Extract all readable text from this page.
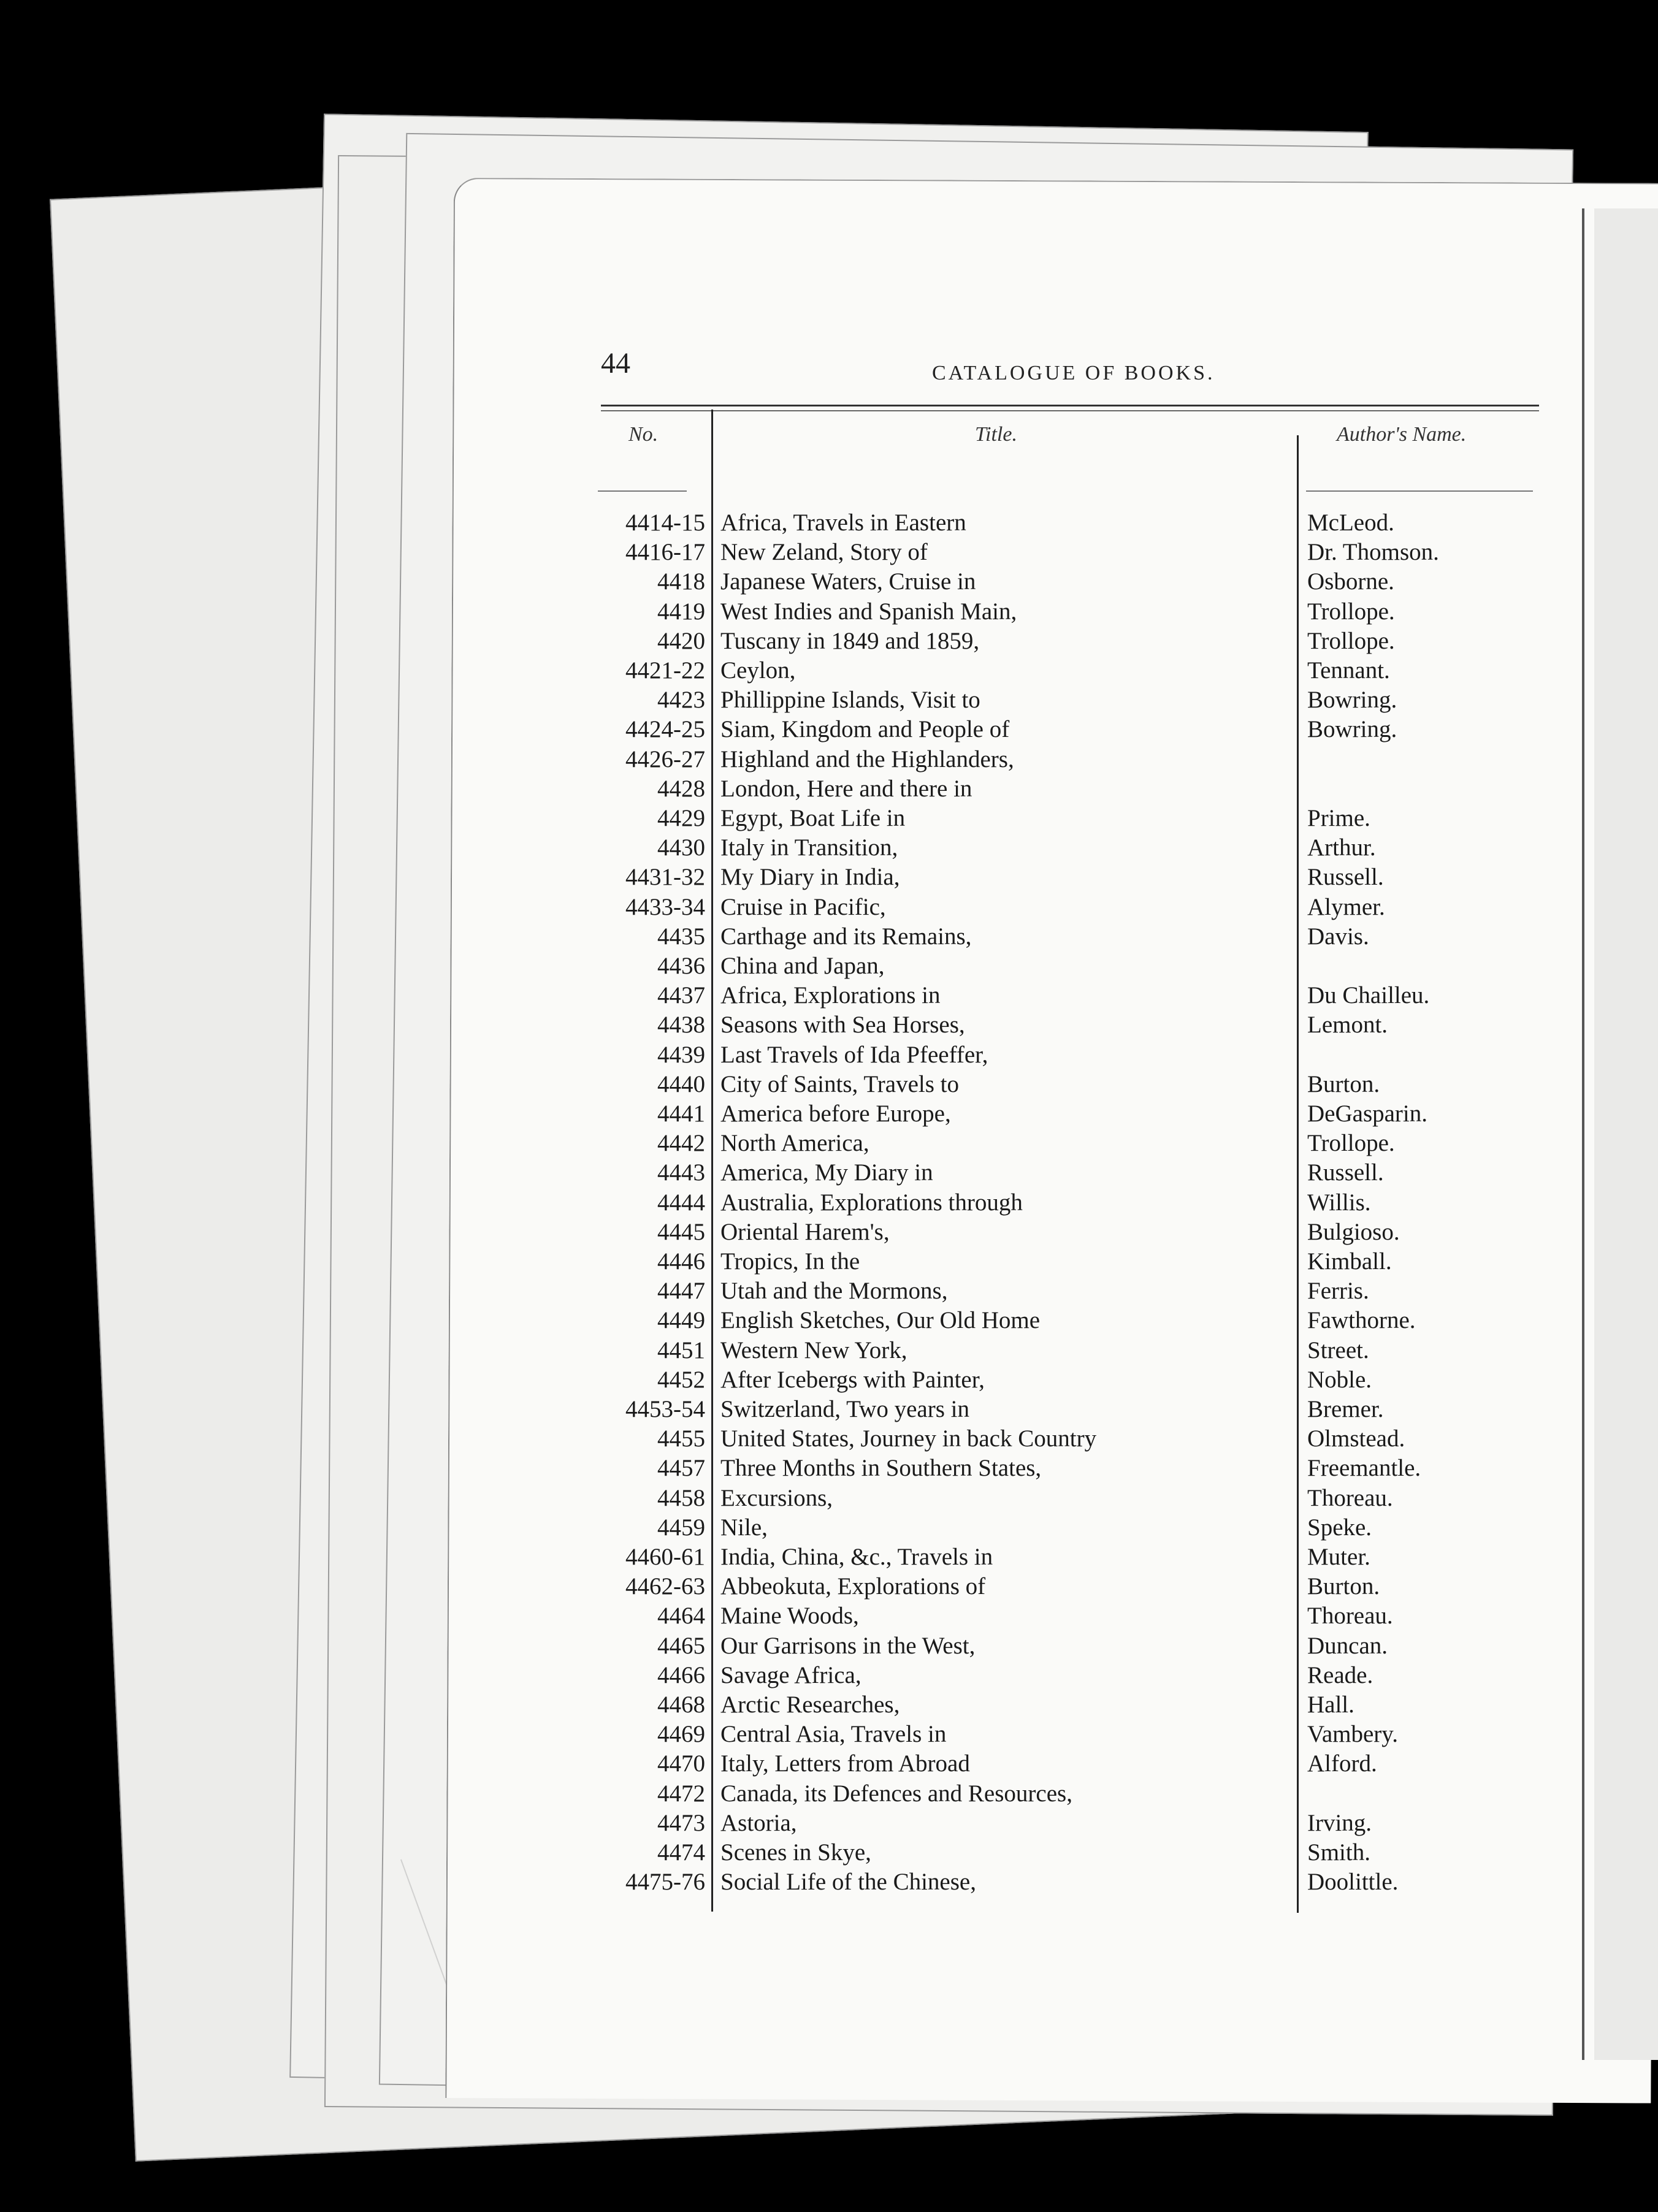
44	CATALOGUE OF BOOKS.
No.	Title.	Author's Name.
4414-15 Africa, Travels in Eastern	McLeod.
4416-17 New Zeland, Story of	Dr. Thomson.
4418 Japanese Waters, Cruise in	Osborne.
4419 West Indies and Spanish Main,	Trollope.
4420 Tuscany in 1849 and 1859,	Trollope.
4421-22 Ceylon,	Tennant.
4423 Phillippine Islands, Visit to	Bowring.
4424-25 Siam, Kingdom and People of	Bowring.
4426-27 Highland and the Highlanders,
4428 London, Here and there in
4429 Egypt, Boat Life in	Prime.
4430 Italy in Transition,	Arthur.
4431-32 My Diary in India,	Russell.
4433-34 Cruise in Pacific,	Alymer.
4435 Carthage and its Remains,	Davis.
4436 China and Japan,
4437 Africa, Explorations in	Du Chailleu.
4438 Seasons with Sea Horses,	Lemont.
4439 Last Travels of Ida Pfeeffer,
4440 City of Saints, Travels to	Burton.
4441 America before Europe,	DeGasparin.
4442 North America,	Trollope.
4443 America, My Diary in	Russell.
4444 Australia, Explorations through	Willis.
4445 Oriental Harem's,	Bulgioso.
4446 Tropics, In the	Kimball.
4447 Utah and the Mormons,	Ferris.
4449 English Sketches, Our Old Home	Fawthorne.
4451 Western New York,	Street.
4452 After Icebergs with Painter,	Noble.
4453-54 Switzerland, Two years in	Bremer.
4455 United States, Journey in back Country	Olmstead.
4457 Three Months in Southern States,	Freemantle.
4458 Excursions,	Thoreau.
4459 Nile,	Speke.
4460-61 India, China, &c., Travels in	Muter.
4462-63 Abbeokuta, Explorations of	Burton.
4464 Maine Woods,	Thoreau.
4465 Our Garrisons in the West,	Duncan.
4466 Savage Africa,	Reade.
4468 Arctic Researches,	Hall.
4469 Central Asia, Travels in	Vambery.
4470 Italy, Letters from Abroad	Alford.
4472 Canada, its Defences and Resources,
4473 Astoria,	Irving.
4474 Scenes in Skye,	Smith.
4475-76 Social Life of the Chinese,	Doolittle.
